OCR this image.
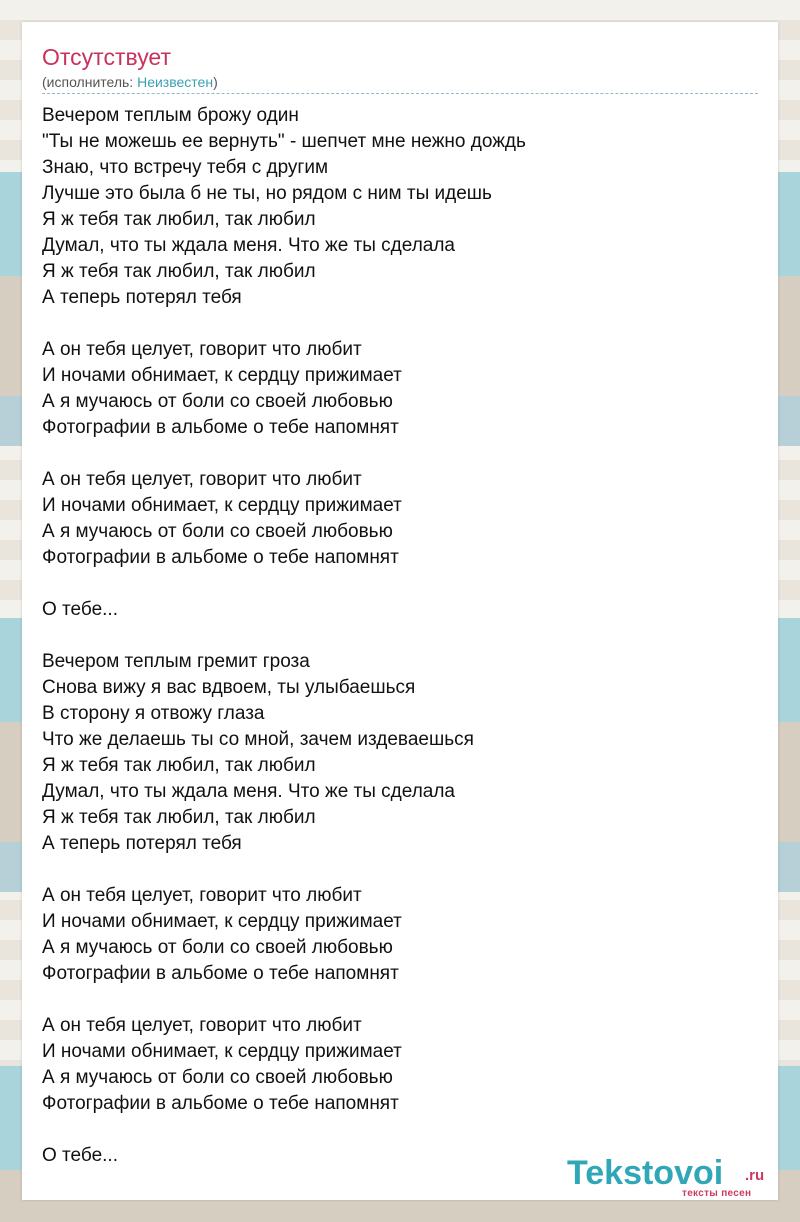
Отсутствует
(исполнитель: Неизвестен)
Вечером теплым брожу один
"Ты не можешь ее вернуть" - шепчет мне нежно дождь
Знаю, что встречу тебя с другим
Лучше это была б не ты, но рядом с ним ты идешь
Я ж тебя так любил, так любил
Думал, что ты ждала меня. Что же ты сделала
Я ж тебя так любил, так любил
А теперь потерял тебя
А он тебя целует, говорит что любит
И ночами обнимает, к сердцу прижимает
А я мучаюсь от боли со своей любовью
Фотографии в альбоме о тебе напомнят
А он тебя целует, говорит что любит
И ночами обнимает, к сердцу прижимает
А я мучаюсь от боли со своей любовью
Фотографии в альбоме о тебе напомнят
О тебе...
Вечером теплым гремит гроза
Снова вижу я вас вдвоем, ты улыбаешься
В сторону я отвожу глаза
Что же делаешь ты со мной, зачем издеваешься
Я ж тебя так любил, так любил
Думал, что ты ждала меня. Что же ты сделала
Я ж тебя так любил, так любил
А теперь потерял тебя
А он тебя целует, говорит что любит
И ночами обнимает, к сердцу прижимает
А я мучаюсь от боли со своей любовью
Фотографии в альбоме о тебе напомнят
А он тебя целует, говорит что любит
И ночами обнимает, к сердцу прижимает
А я мучаюсь от боли со своей любовью
Фотографии в альбоме о тебе напомнят
О тебе...	Tekstovoi .ru
тексты песен
